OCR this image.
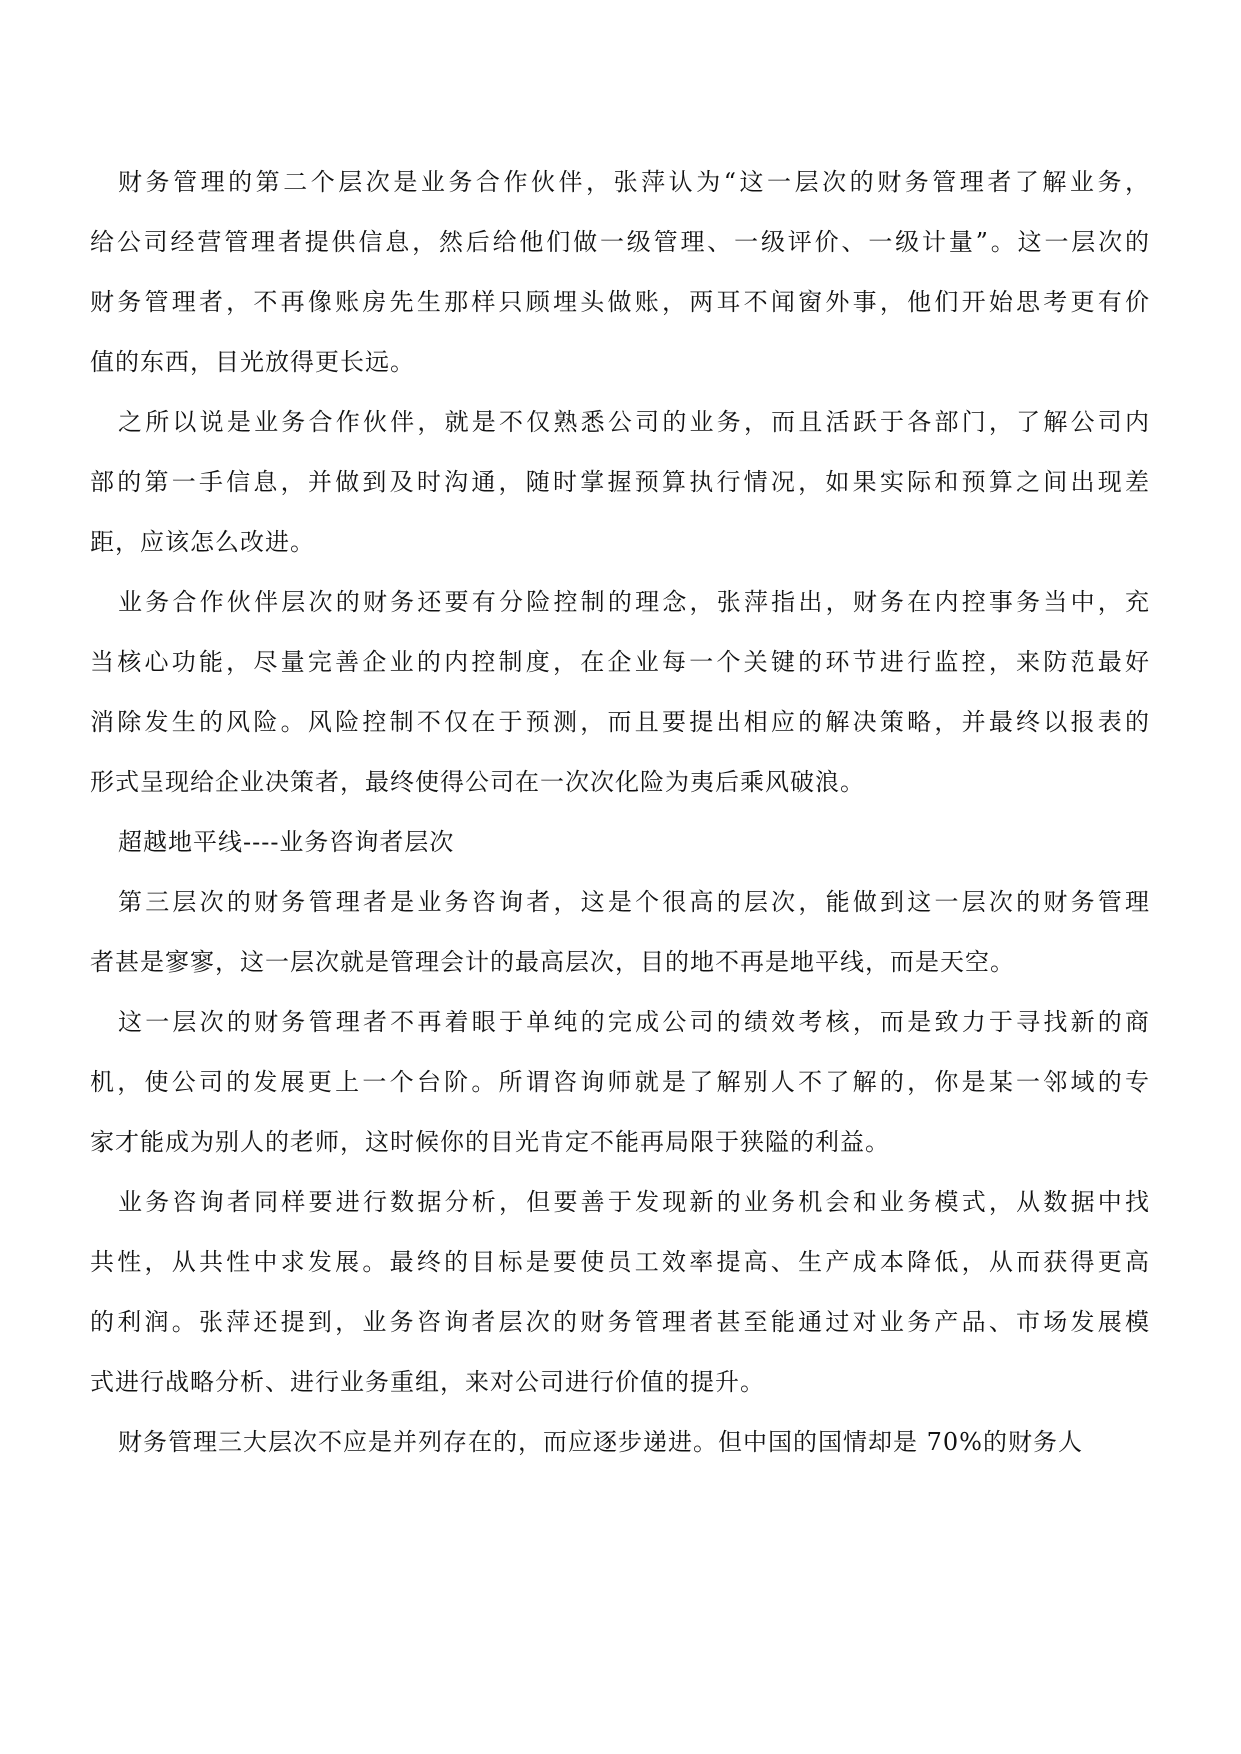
财务管理的第二个层次是业务合作伙伴，张萍认为“这一层次的财务管理者了解业务，
给公司经营管理者提供信息，然后给他们做一级管理、一级评价、一级计量”。这一层次的
财务管理者，不再像账房先生那样只顾埋头做账，两耳不闻窗外事，他们开始思考更有价
值的东西，目光放得更长远。
之所以说是业务合作伙伴，就是不仅熟悉公司的业务，而且活跃于各部门，了解公司内
部的第一手信息，并做到及时沟通，随时掌握预算执行情况，如果实际和预算之间出现差
距，应该怎么改进。
业务合作伙伴层次的财务还要有分险控制的理念，张萍指出，财务在内控事务当中，充
当核心功能，尽量完善企业的内控制度，在企业每一个关键的环节进行监控，来防范最好
消除发生的风险。风险控制不仅在于预测，而且要提出相应的解决策略，并最终以报表的
形式呈现给企业决策者，最终使得公司在一次次化险为夷后乘风破浪。
超越地平线----业务咨询者层次
第三层次的财务管理者是业务咨询者，这是个很高的层次，能做到这一层次的财务管理
者甚是寥寥，这一层次就是管理会计的最高层次，目的地不再是地平线，而是天空。
这一层次的财务管理者不再着眼于单纯的完成公司的绩效考核，而是致力于寻找新的商
机，使公司的发展更上一个台阶。所谓咨询师就是了解别人不了解的，你是某一邻域的专
家才能成为别人的老师，这时候你的目光肯定不能再局限于狭隘的利益。
业务咨询者同样要进行数据分析，但要善于发现新的业务机会和业务模式，从数据中找
共性，从共性中求发展。最终的目标是要使员工效率提高、生产成本降低，从而获得更高
的利润。张萍还提到，业务咨询者层次的财务管理者甚至能通过对业务产品、市场发展模
式进行战略分析、进行业务重组，来对公司进行价值的提升。
财务管理三大层次不应是并列存在的，而应逐步递进。但中国的国情却是 70%的财务人
